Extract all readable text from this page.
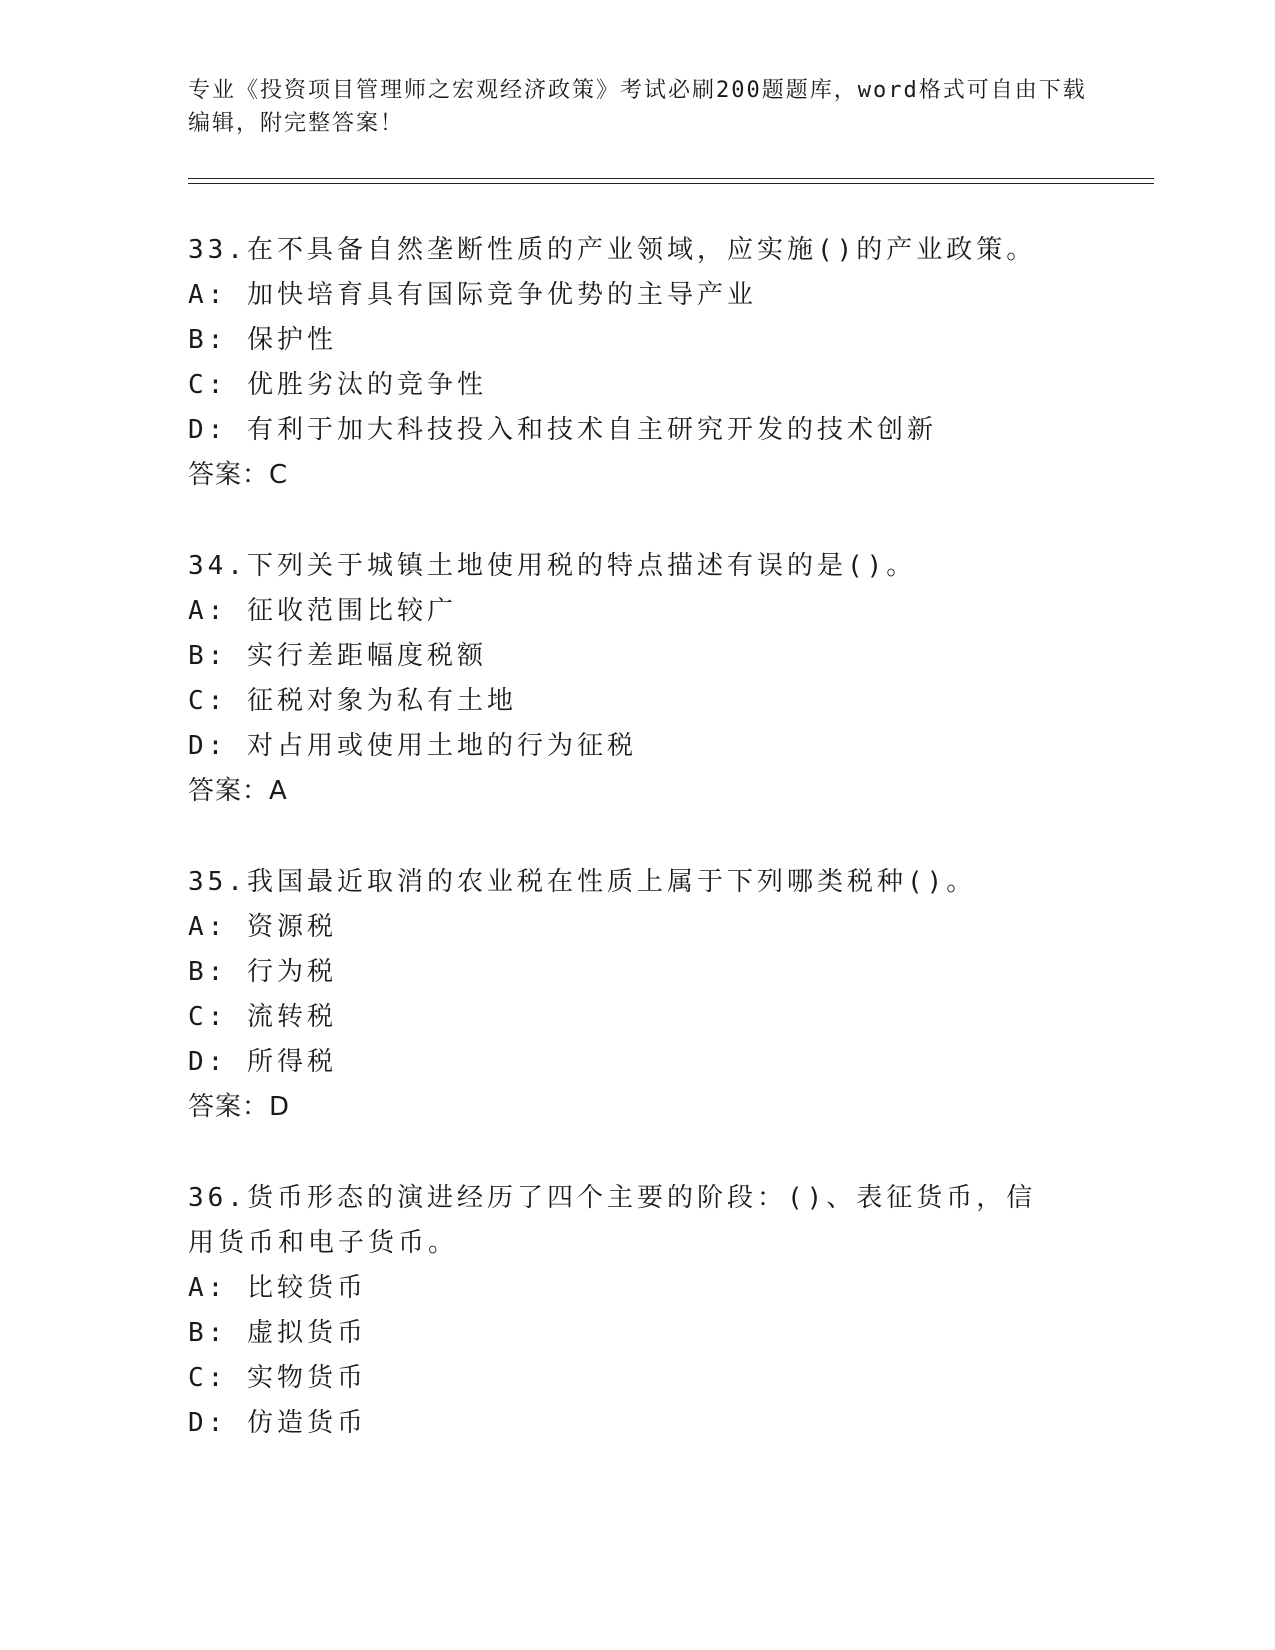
专业《投资项目管理师之宏观经济政策》考试必刷200题题库，word格式可自由下载编辑，附完整答案！
33.在不具备自然垄断性质的产业领域，应实施()的产业政策。
A: 加快培育具有国际竞争优势的主导产业
B: 保护性
C: 优胜劣汰的竞争性
D: 有利于加大科技投入和技术自主研究开发的技术创新
答案：C
34.下列关于城镇土地使用税的特点描述有误的是()。
A: 征收范围比较广
B: 实行差距幅度税额
C: 征税对象为私有土地
D: 对占用或使用土地的行为征税
答案：A
35.我国最近取消的农业税在性质上属于下列哪类税种()。
A: 资源税
B: 行为税
C: 流转税
D: 所得税
答案：D
36.货币形态的演进经历了四个主要的阶段：()、表征货币，信用货币和电子货币。
A: 比较货币
B: 虚拟货币
C: 实物货币
D: 仿造货币
